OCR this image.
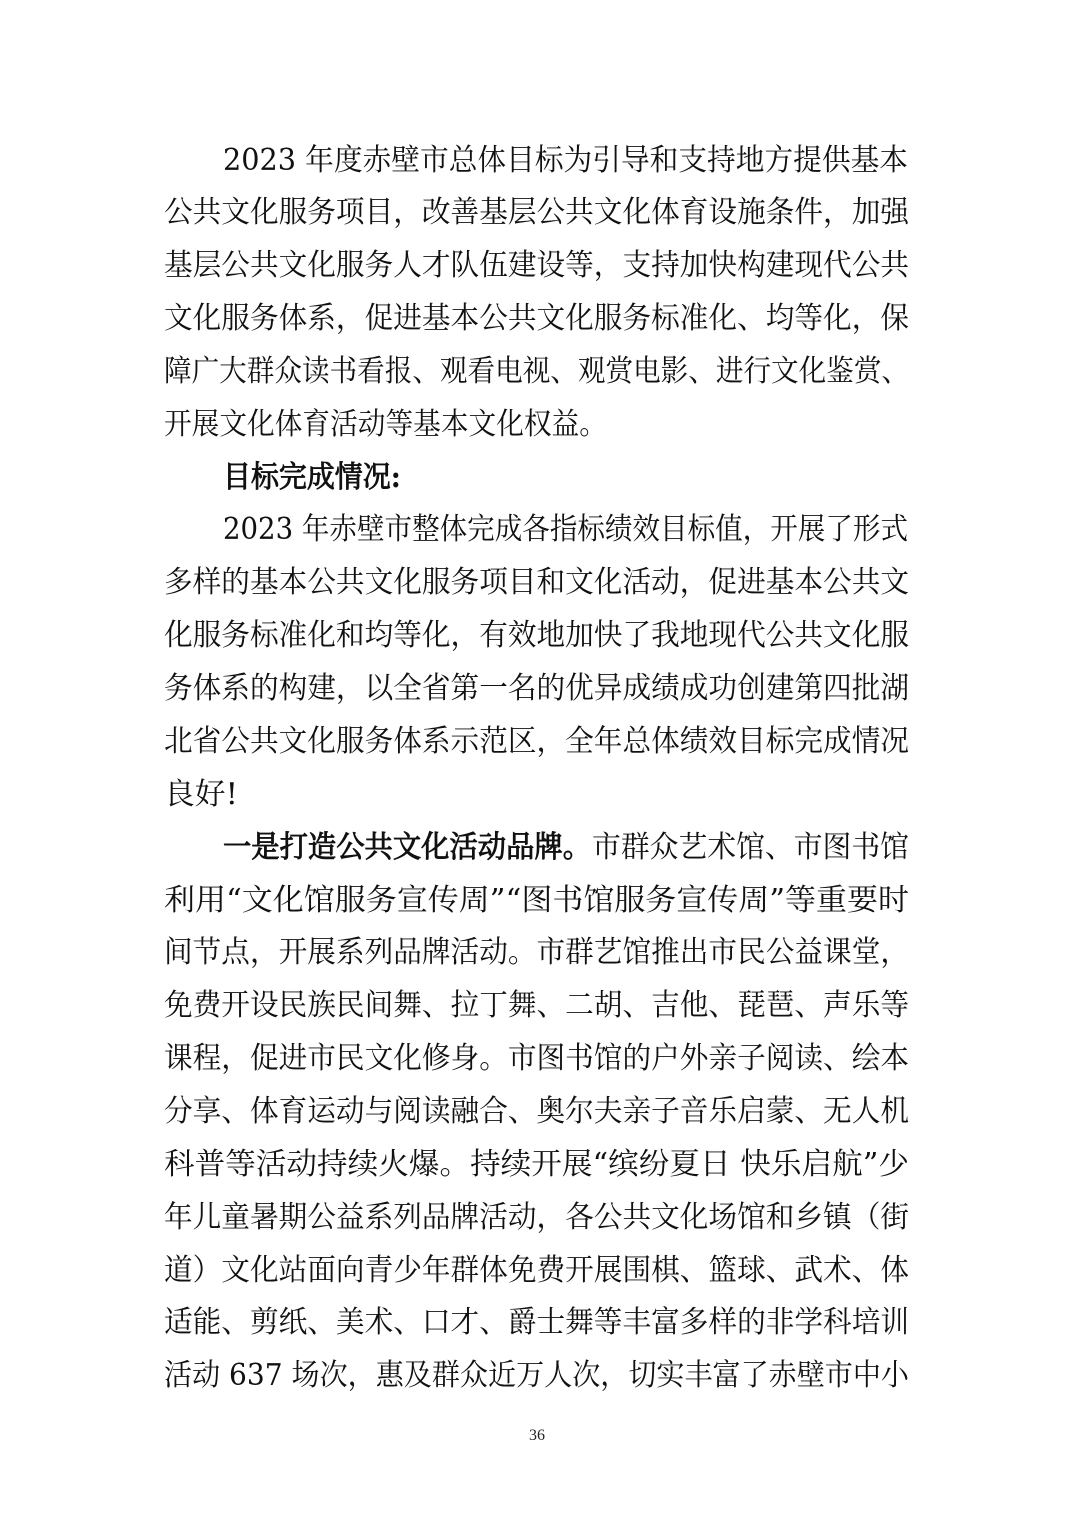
2023 年度赤壁市总体目标为引导和支持地方提供基本
公共文化服务项目，改善基层公共文化体育设施条件，加强
基层公共文化服务人才队伍建设等，支持加快构建现代公共
文化服务体系，促进基本公共文化服务标准化、均等化，保
障广大群众读书看报、观看电视、观赏电影、进行文化鉴赏、
开展文化体育活动等基本文化权益。
目标完成情况:
2023 年赤壁市整体完成各指标绩效目标值，开展了形式
多样的基本公共文化服务项目和文化活动，促进基本公共文
化服务标准化和均等化，有效地加快了我地现代公共文化服
务体系的构建，以全省第一名的优异成绩成功创建第四批湖
北省公共文化服务体系示范区，全年总体绩效目标完成情况
良好!
一是打造公共文化活动品牌。 市群众艺术馆、市图书馆
利用“文化馆服务宣传周”“图书馆服务宣传周”等重要时
间节点，开展系列品牌活动。市群艺馆推出市民公益课堂，
免费开设民族民间舞、拉丁舞、二胡、吉他、琵琶、声乐等
课程，促进市民文化修身。市图书馆的户外亲子阅读、绘本
分享、体育运动与阅读融合、奥尔夫亲子音乐启蒙、无人机
科普等活动持续火爆。持续开展“缤纷夏日 快乐启航”少
年儿童暑期公益系列品牌活动，各公共文化场馆和乡镇（街
道）文化站面向青少年群体免费开展围棋、篮球、武术、体
适能、剪纸、美术、口才、爵士舞等丰富多样的非学科培训
活动 637 场次，惠及群众近万人次，切实丰富了赤壁市中小
36
